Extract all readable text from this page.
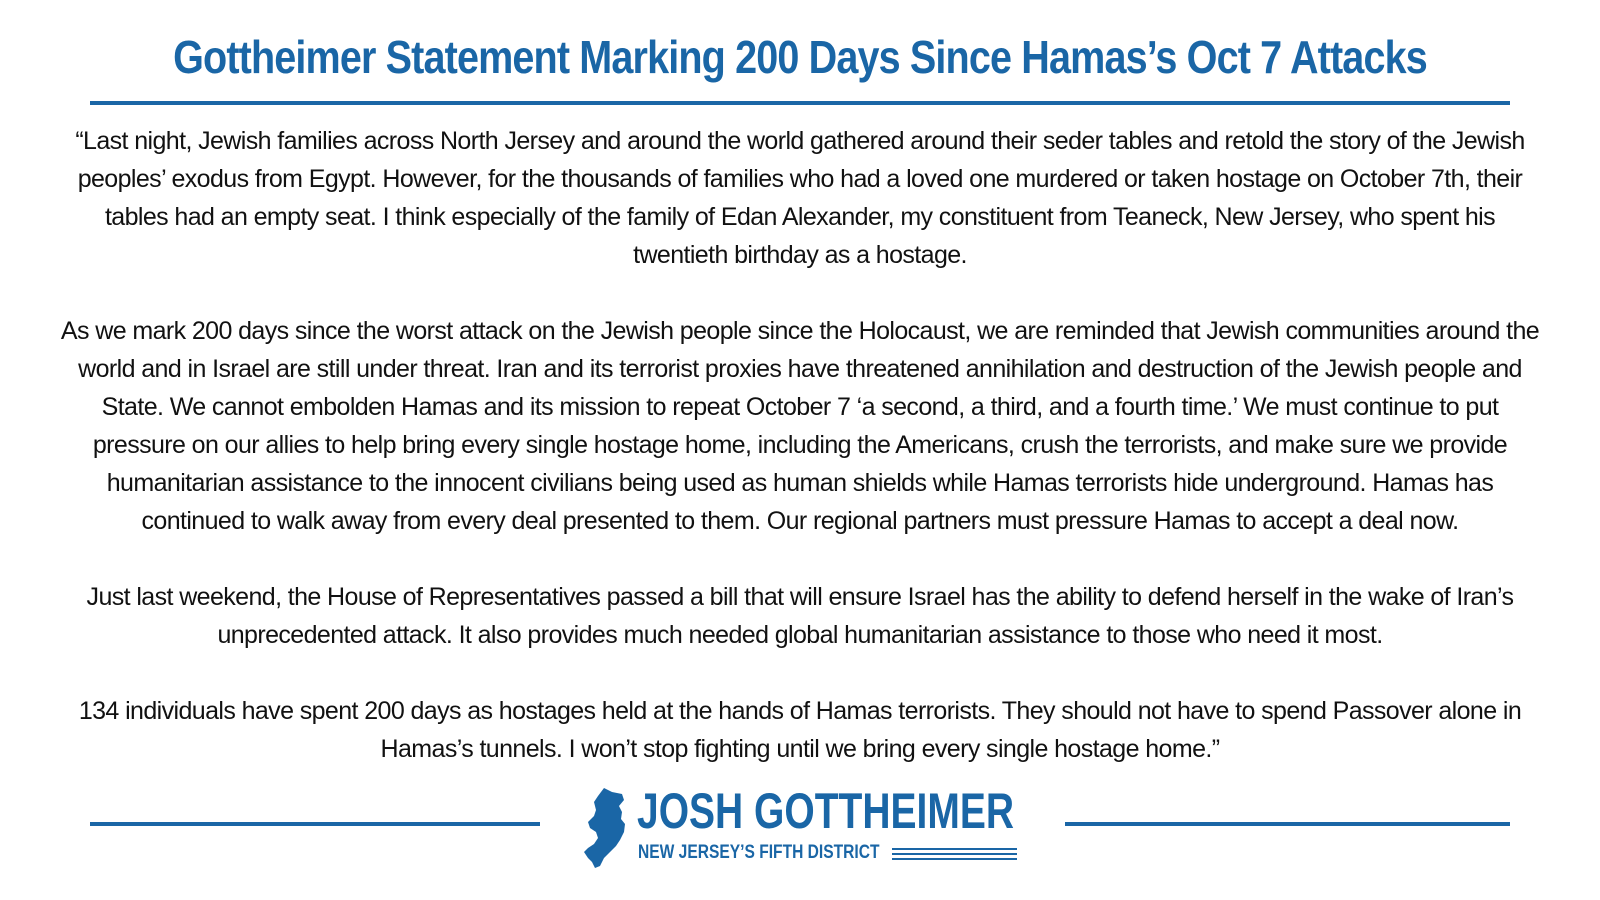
Gottheimer Statement Marking 200 Days Since Hamas’s Oct 7 Attacks

“Last night, Jewish families across North Jersey and around the world gathered around their seder tables and retold the story of the Jewish peoples’ exodus from Egypt. However, for the thousands of families who had a loved one murdered or taken hostage on October 7th, their tables had an empty seat. I think especially of the family of Edan Alexander, my constituent from Teaneck, New Jersey, who spent his twentieth birthday as a hostage.

As we mark 200 days since the worst attack on the Jewish people since the Holocaust, we are reminded that Jewish communities around the world and in Israel are still under threat. Iran and its terrorist proxies have threatened annihilation and destruction of the Jewish people and State. We cannot embolden Hamas and its mission to repeat October 7 ‘a second, a third, and a fourth time.’ We must continue to put pressure on our allies to help bring every single hostage home, including the Americans, crush the terrorists, and make sure we provide humanitarian assistance to the innocent civilians being used as human shields while Hamas terrorists hide underground. Hamas has continued to walk away from every deal presented to them. Our regional partners must pressure Hamas to accept a deal now.

Just last weekend, the House of Representatives passed a bill that will ensure Israel has the ability to defend herself in the wake of Iran’s unprecedented attack. It also provides much needed global humanitarian assistance to those who need it most.

134 individuals have spent 200 days as hostages held at the hands of Hamas terrorists. They should not have to spend Passover alone in Hamas’s tunnels. I won’t stop fighting until we bring every single hostage home.”

JOSH GOTTHEIMER
NEW JERSEY’S FIFTH DISTRICT
